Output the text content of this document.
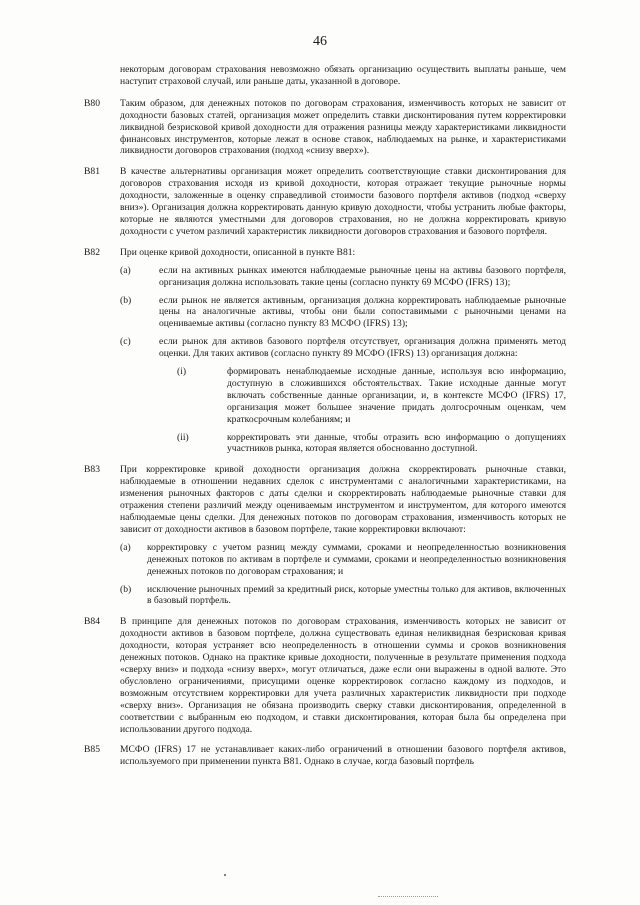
46
некоторым договорам страхования невозможно обязать организацию осуществить выплаты раньше, чем наступит страховой случай, или раньше даты, указанной в договоре.
B80 Таким образом, для денежных потоков по договорам страхования, изменчивость которых не зависит от доходности базовых статей, организация может определить ставки дисконтирования путем корректировки ликвидной безрисковой кривой доходности для отражения разницы между характеристиками ликвидности финансовых инструментов, которые лежат в основе ставок, наблюдаемых на рынке, и характеристиками ликвидности договоров страхования (подход «снизу вверх»).
B81 В качестве альтернативы организация может определить соответствующие ставки дисконтирования для договоров страхования исходя из кривой доходности, которая отражает текущие рыночные нормы доходности, заложенные в оценку справедливой стоимости базового портфеля активов (подход «сверху вниз»). Организация должна корректировать данную кривую доходности, чтобы устранить любые факторы, которые не являются уместными для договоров страхования, но не должна корректировать кривую доходности с учетом различий характеристик ликвидности договоров страхования и базового портфеля.
B82 При оценке кривой доходности, описанной в пункте B81:
(a)	если на активных рынках имеются наблюдаемые рыночные цены на активы базового портфеля, организация должна использовать такие цены (согласно пункту 69 МСФО (IFRS) 13);
(b)	если рынок не является активным, организация должна корректировать наблюдаемые рыночные цены на аналогичные активы, чтобы они были сопоставимыми с рыночными ценами на оцениваемые активы (согласно пункту 83 МСФО (IFRS) 13);
(c)	если рынок для активов базового портфеля отсутствует, организация должна применять метод оценки. Для таких активов (согласно пункту 89 МСФО (IFRS) 13) организация должна:
(i)	формировать ненаблюдаемые исходные данные, используя всю информацию, доступную в сложившихся обстоятельствах. Такие исходные данные могут включать собственные данные организации, и, в контексте МСФО (IFRS) 17, организация может большее значение придать долгосрочным оценкам, чем краткосрочным колебаниям; и
(ii)	корректировать эти данные, чтобы отразить всю информацию о допущениях участников рынка, которая является обоснованно доступной.
B83 При корректировке кривой доходности организация должна скорректировать рыночные ставки, наблюдаемые в отношении недавних сделок с инструментами с аналогичными характеристиками, на изменения рыночных факторов с даты сделки и скорректировать наблюдаемые рыночные ставки для отражения степени различий между оцениваемым инструментом и инструментом, для которого имеются наблюдаемые цены сделки. Для денежных потоков по договорам страхования, изменчивость которых не зависит от доходности активов в базовом портфеле, такие корректировки включают:
(a) корректировку с учетом разниц между суммами, сроками и неопределенностью возникновения денежных потоков по активам в портфеле и суммами, сроками и неопределенностью возникновения денежных потоков по договорам страхования; и
(b) исключение рыночных премий за кредитный риск, которые уместны только для активов, включенных в базовый портфель.
B84 В принципе для денежных потоков по договорам страхования, изменчивость которых не зависит от доходности активов в базовом портфеле, должна существовать единая неликвидная безрисковая кривая доходности, которая устраняет всю неопределенность в отношении суммы и сроков возникновения денежных потоков. Однако на практике кривые доходности, полученные в результате применения подхода «сверху вниз» и подхода «снизу вверх», могут отличаться, даже если они выражены в одной валюте. Это обусловлено ограничениями, присущими оценке корректировок согласно каждому из подходов, и возможным отсутствием корректировки для учета различных характеристик ликвидности при подходе «сверху вниз». Организация не обязана производить сверку ставки дисконтирования, определенной в соответствии с выбранным ею подходом, и ставки дисконтирования, которая была бы определена при использовании другого подхода.
B85 МСФО (IFRS) 17 не устанавливает каких-либо ограничений в отношении базового портфеля активов, используемого при применении пункта B81. Однако в случае, когда базовый портфель
